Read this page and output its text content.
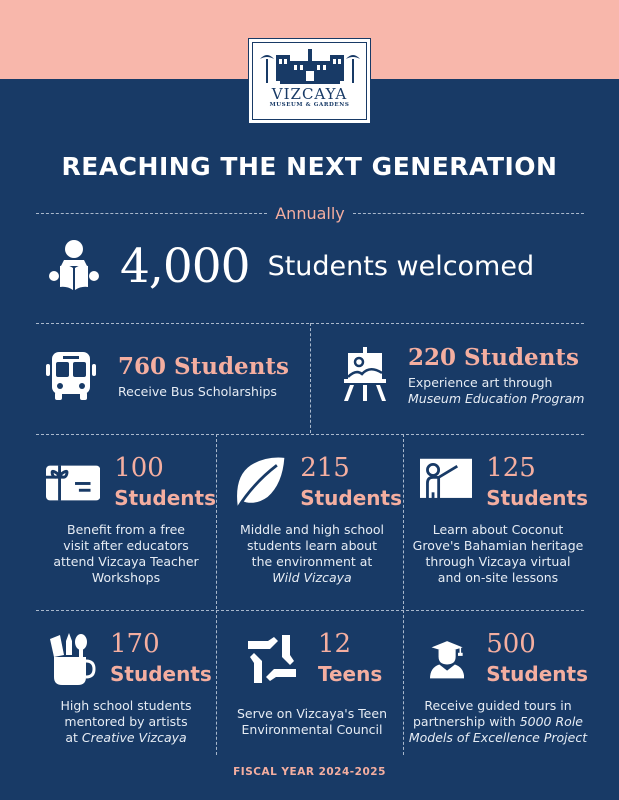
VIZCAYA
MUSEUM & GARDENS
REACHING THE NEXT GENERATION
Annually
4,000 Students welcomed
760 Students
Receive Bus Scholarships
220 Students
Experience art through
Museum Education Program
100
Students
Benefit from a free
visit after educators
attend Vizcaya Teacher
Workshops
215
Students
Middle and high school
students learn about
the environment at
Wild Vizcaya
125
Students
Learn about Coconut
Grove's Bahamian heritage
through Vizcaya virtual
and on-site lessons
170
Students
High school students
mentored by artists
at Creative Vizcaya
12
Teens
Serve on Vizcaya's Teen
Environmental Council
500
Students
Receive guided tours in
partnership with 5000 Role
Models of Excellence Project
FISCAL YEAR 2024-2025
